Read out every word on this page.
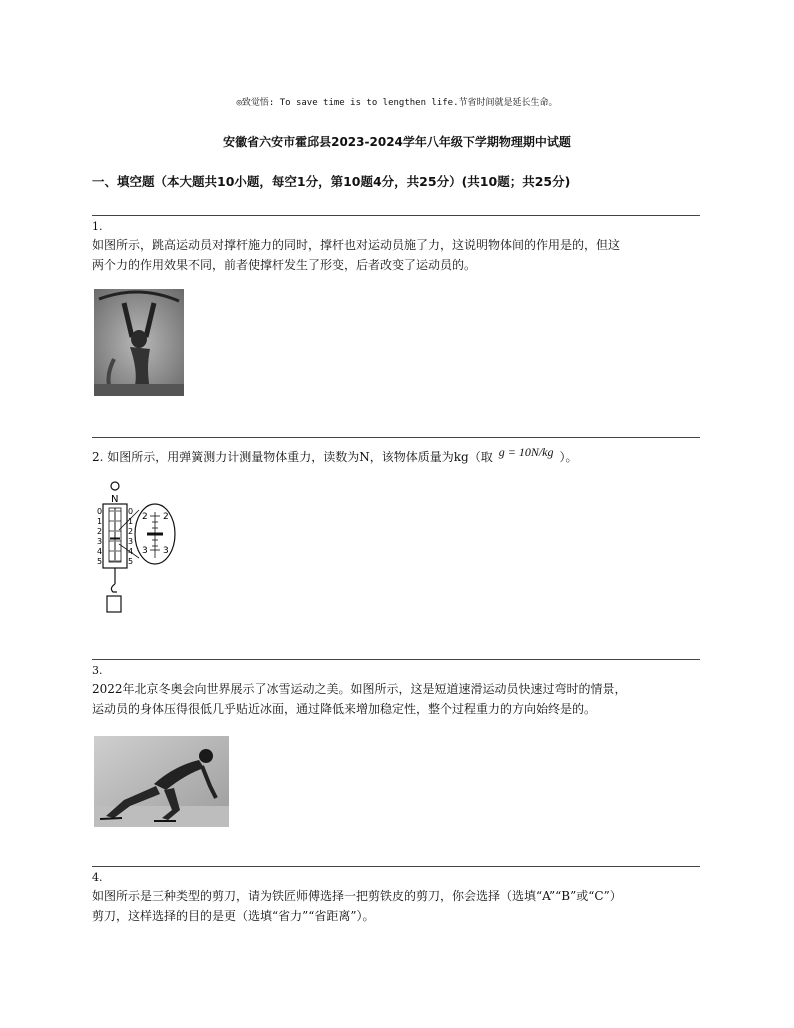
◎致觉悟: To save time is to lengthen life.节省时间就是延长生命。
安徽省六安市霍邱县2023-2024学年八年级下学期物理期中试题
一、填空题（本大题共10小题，每空1分，第10题4分，共25分）(共10题；共25分)
1.
如图所示，跳高运动员对撑杆施力的同时，撑杆也对运动员施了力，这说明物体间的作用是的，但这
两个力的作用效果不同，前者使撑杆发生了形变，后者改变了运动员的。
2. 如图所示，用弹簧测力计测量物体重力，读数为N，该物体质量为kg（取 g = 10N/kg ）。
N
0
1
2
3
4
5
0
1
2
3
4
5
2 2
3 3
3.
2022年北京冬奥会向世界展示了冰雪运动之美。如图所示，这是短道速滑运动员快速过弯时的情景，
运动员的身体压得很低几乎贴近冰面，通过降低来增加稳定性，整个过程重力的方向始终是的。
4.
如图所示是三种类型的剪刀，请为铁匠师傅选择一把剪铁皮的剪刀，你会选择（选填“A”“B”或“C”）
剪刀，这样选择的目的是更（选填“省力”“省距离”）。
